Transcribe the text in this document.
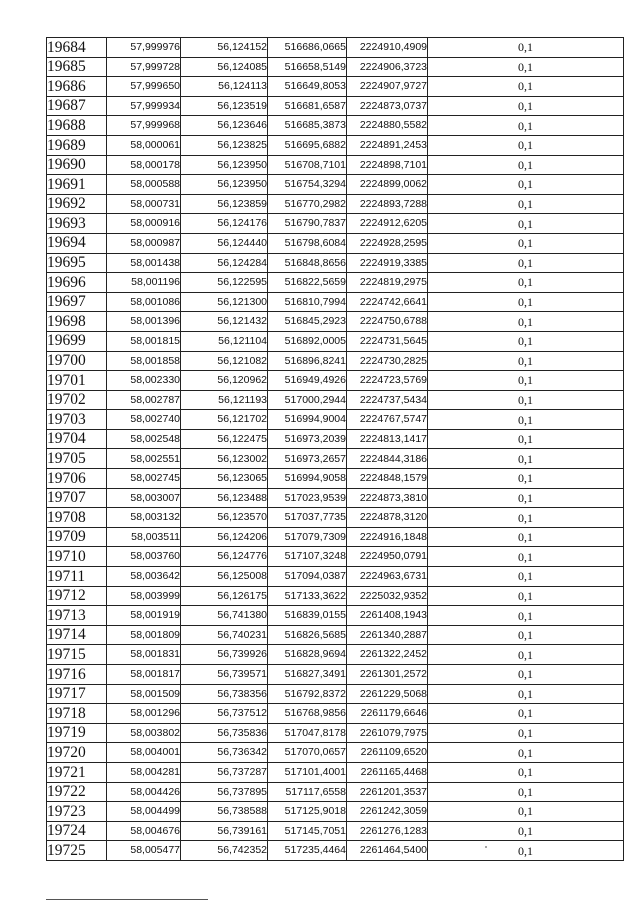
19684	57,999976	56,124152	516686,0665	2224910,4909	0,1
19685	57,999728	56,124085	516658,5149	2224906,3723	0,1
19686	57,999650	56,124113	516649,8053	2224907,9727	0,1
19687	57,999934	56,123519	516681,6587	2224873,0737	0,1
19688	57,999968	56,123646	516685,3873	2224880,5582	0,1
19689	58,000061	56,123825	516695,6882	2224891,2453	0,1
19690	58,000178	56,123950	516708,7101	2224898,7101	0,1
19691	58,000588	56,123950	516754,3294	2224899,0062	0,1
19692	58,000731	56,123859	516770,2982	2224893,7288	0,1
19693	58,000916	56,124176	516790,7837	2224912,6205	0,1
19694	58,000987	56,124440	516798,6084	2224928,2595	0,1
19695	58,001438	56,124284	516848,8656	2224919,3385	0,1
19696	58,001196	56,122595	516822,5659	2224819,2975	0,1
19697	58,001086	56,121300	516810,7994	2224742,6641	0,1
19698	58,001396	56,121432	516845,2923	2224750,6788	0,1
19699	58,001815	56,121104	516892,0005	2224731,5645	0,1
19700	58,001858	56,121082	516896,8241	2224730,2825	0,1
19701	58,002330	56,120962	516949,4926	2224723,5769	0,1
19702	58,002787	56,121193	517000,2944	2224737,5434	0,1
19703	58,002740	56,121702	516994,9004	2224767,5747	0,1
19704	58,002548	56,122475	516973,2039	2224813,1417	0,1
19705	58,002551	56,123002	516973,2657	2224844,3186	0,1
19706	58,002745	56,123065	516994,9058	2224848,1579	0,1
19707	58,003007	56,123488	517023,9539	2224873,3810	0,1
19708	58,003132	56,123570	517037,7735	2224878,3120	0,1
19709	58,003511	56,124206	517079,7309	2224916,1848	0,1
19710	58,003760	56,124776	517107,3248	2224950,0791	0,1
19711	58,003642	56,125008	517094,0387	2224963,6731	0,1
19712	58,003999	56,126175	517133,3622	2225032,9352	0,1
19713	58,001919	56,741380	516839,0155	2261408,1943	0,1
19714	58,001809	56,740231	516826,5685	2261340,2887	0,1
19715	58,001831	56,739926	516828,9694	2261322,2452	0,1
19716	58,001817	56,739571	516827,3491	2261301,2572	0,1
19717	58,001509	56,738356	516792,8372	2261229,5068	0,1
19718	58,001296	56,737512	516768,9856	2261179,6646	0,1
19719	58,003802	56,735836	517047,8178	2261079,7975	0,1
19720	58,004001	56,736342	517070,0657	2261109,6520	0,1
19721	58,004281	56,737287	517101,4001	2261165,4468	0,1
19722	58,004426	56,737895	517117,6558	2261201,3537	0,1
19723	58,004499	56,738588	517125,9018	2261242,3059	0,1
19724	58,004676	56,739161	517145,7051	2261276,1283	0,1
19725	58,005477	56,742352	517235,4464	2261464,5400	0,1
